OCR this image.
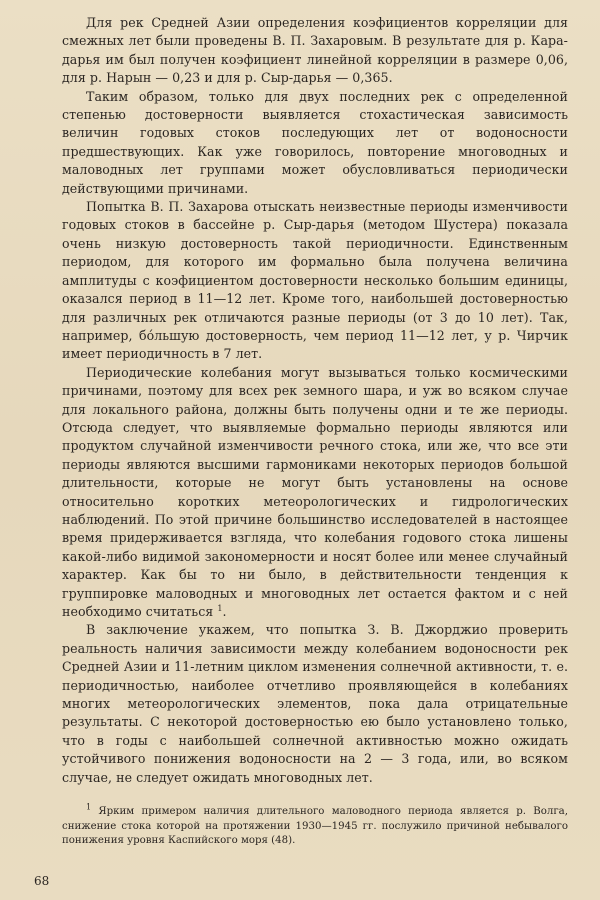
Для рек Средней Азии определения коэфициентов корреляции для смежных лет были проведены В. П. Захаровым. В результате для р. Кара-дарья им был получен коэфициент линейной корреляции в размере 0,06, для р. Нарын — 0,23 и для р. Сыр-дарья — 0,365.

Таким образом, только для двух последних рек с определенной степенью достоверности выявляется стохастическая зависимость величин годовых стоков последующих лет от водоносности предшествующих. Как уже говорилось, повторение многоводных и маловодных лет группами может обусловливаться периодически действующими причинами.

Попытка В. П. Захарова отыскать неизвестные периоды изменчивости годовых стоков в бассейне р. Сыр-дарья (методом Шустера) показала очень низкую достоверность такой периодичности. Единственным периодом, для которого им формально была получена величина амплитуды с коэфициентом достоверности несколько большим единицы, оказался период в 11—12 лет. Кроме того, наибольшей достоверностью для различных рек отличаются разные периоды (от 3 до 10 лет). Так, например, бо́льшую достоверность, чем период 11—12 лет, у р. Чирчик имеет периодичность в 7 лет.

Периодические колебания могут вызываться только космическими причинами, поэтому для всех рек земного шара, и уж во всяком случае для локального района, должны быть получены одни и те же периоды. Отсюда следует, что выявляемые формально периоды являются или продуктом случайной изменчивости речного стока, или же, что все эти периоды являются высшими гармониками некоторых периодов большой длительности, которые не могут быть установлены на основе относительно коротких метеорологических и гидрологических наблюдений. По этой причине большинство исследователей в настоящее время придерживается взгляда, что колебания годового стока лишены какой-либо видимой закономерности и носят более или менее случайный характер. Как бы то ни было, в действительности тенденция к группировке маловодных и многоводных лет остается фактом и с ней необходимо считаться $^1$.

В заключение укажем, что попытка З. В. Джорджио проверить реальность наличия зависимости между колебанием водоносности рек Средней Азии и 11-летним циклом изменения солнечной активности, т. е. периодичностью, наиболее отчетливо проявляющейся в колебаниях многих метеорологических элементов, пока дала отрицательные результаты. С некоторой достоверностью ею было установлено только, что в годы с наибольшей солнечной активностью можно ожидать устойчивого понижения водоносности на 2 — 3 года, или, во всяком случае, не следует ожидать многоводных лет.

$^1$ Ярким примером наличия длительного маловодного периода является р. Волга, снижение стока которой на протяжении 1930—1945 гг. послужило причиной небывалого понижения уровня Каспийского моря (48).

68
